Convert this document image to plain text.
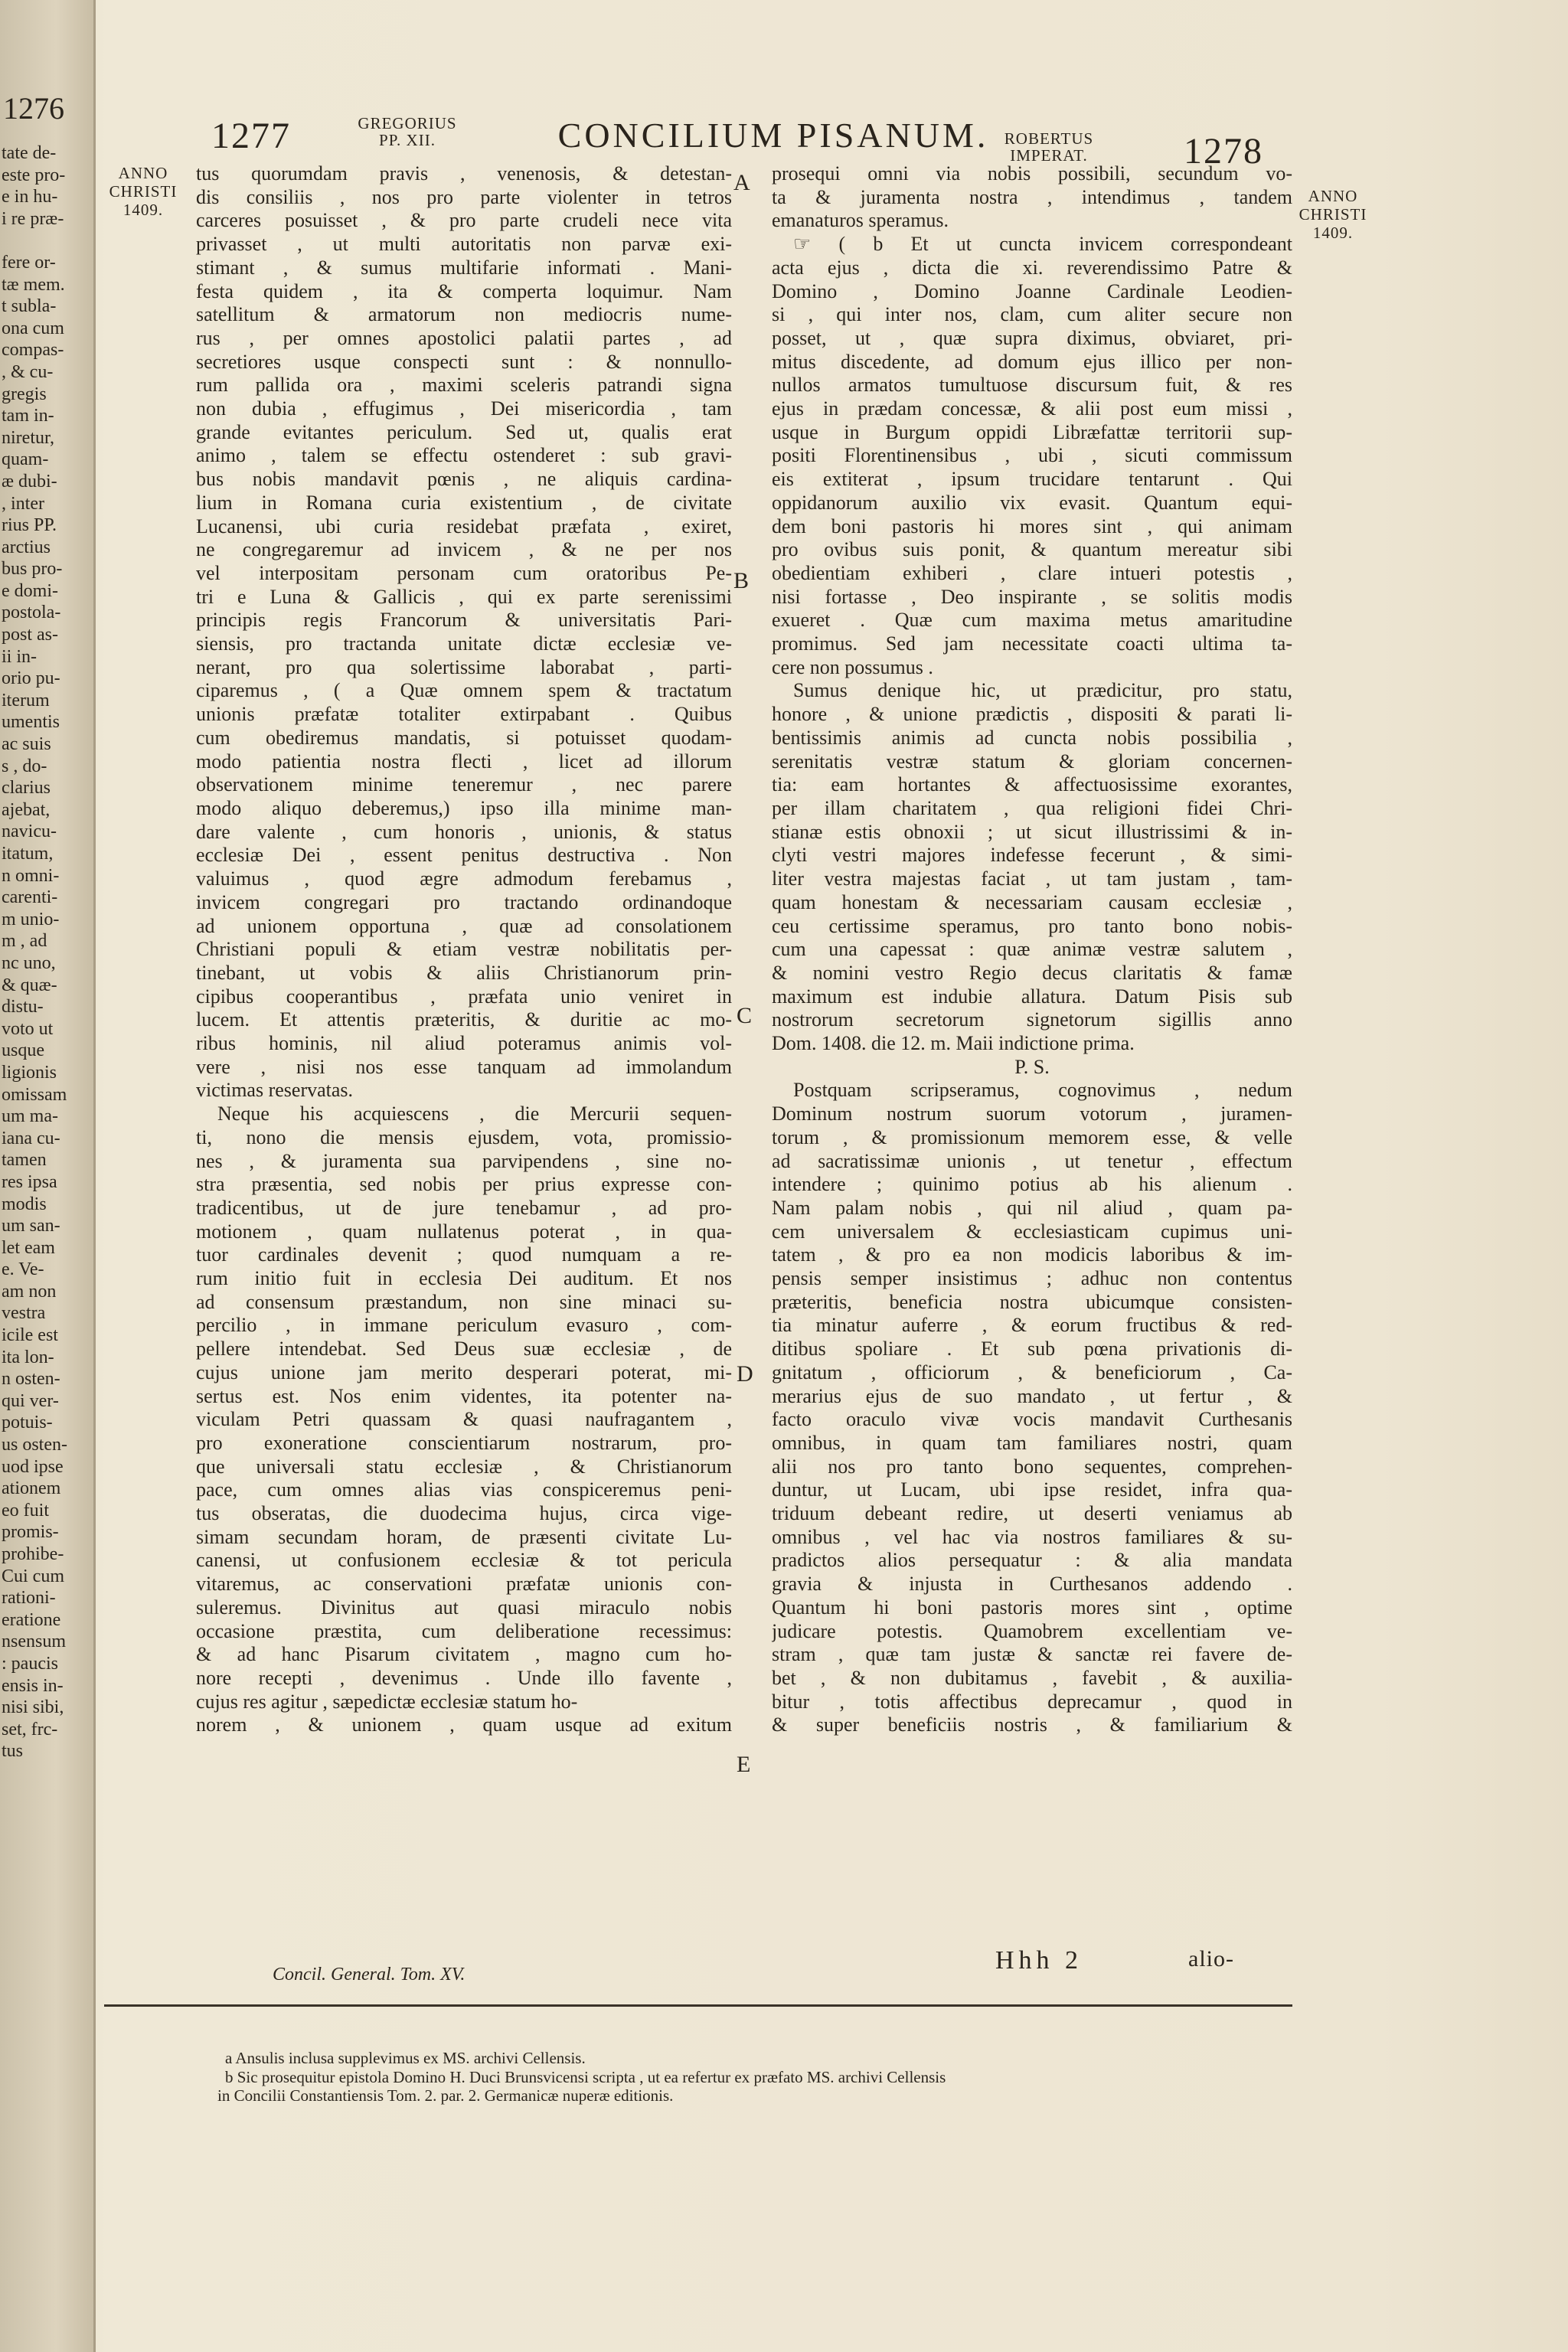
1276
tate de-
este pro-
e in hu-
i re præ-

fere or-
tæ mem.
t subla-
ona cum
compas-
, & cu-
gregis
tam in-
niretur,
quam-
æ dubi-
, inter
rius PP.
arctius
bus pro-
e domi-
postola-
post as-
ii in-
orio pu-
iterum
umentis
ac suis
s , do-
clarius
ajebat,
navicu-
itatum,
n omni-
carenti-
m unio-
m , ad
nc uno,
& quæ-
distu-
voto ut
usque
ligionis
omissam
um ma-
iana cu-
tamen
res ipsa
modis
um san-
let eam
e. Ve-
am non
vestra
icile est
ita lon-
n osten-
qui ver-
potuis-
us osten-
uod ipse
ationem
eo fuit
promis-
prohibe-
Cui cum
rationi-
eratione
nsensum
: paucis
ensis in-
nisi sibi,
set, frc-
tus
1277	GREGORIUS
PP. XII.	CONCILIUM PISANUM. ROBERTUS
IMPERAT.	1278
ANNO
CHRISTI
1409.
ANNO
CHRISTI
1409.
tus quorumdam pravis , venenosis, & detestan-
dis consiliis , nos pro parte violenter in tetros
carceres posuisset , & pro parte crudeli nece vita
privasset , ut multi autoritatis non parvæ exi-
stimant , & sumus multifarie informati . Mani-
festa quidem , ita & comperta loquimur. Nam
satellitum & armatorum non mediocris nume-
rus , per omnes apostolici palatii partes , ad
secretiores usque conspecti sunt : & nonnullo-
rum pallida ora , maximi sceleris patrandi signa
non dubia , effugimus , Dei misericordia , tam
grande evitantes periculum. Sed ut, qualis erat
animo , talem se effectu ostenderet : sub gravi-
bus nobis mandavit pœnis , ne aliquis cardina-
lium in Romana curia existentium , de civitate
Lucanensi, ubi curia residebat præfata , exiret,
ne congregaremur ad invicem , & ne per nos
vel interpositam personam cum oratoribus Pe-
tri e Luna & Gallicis , qui ex parte serenissimi
principis regis Francorum & universitatis Pari-
siensis, pro tractanda unitate dictæ ecclesiæ ve-
nerant, pro qua solertissime laborabat , parti-
ciparemus , ( a Quæ omnem spem & tractatum
unionis præfatæ totaliter extirpabant . Quibus
cum obediremus mandatis, si potuisset quodam-
modo patientia nostra flecti , licet ad illorum
observationem minime teneremur , nec parere
modo aliquo deberemus,) ipso illa minime man-
dare valente , cum honoris , unionis, & status
ecclesiæ Dei , essent penitus destructiva . Non
valuimus , quod ægre admodum ferebamus ,
invicem congregari pro tractando ordinandoque
ad unionem opportuna , quæ ad consolationem
Christiani populi & etiam vestræ nobilitatis per-
tinebant, ut vobis & aliis Christianorum prin-
cipibus cooperantibus , præfata unio veniret in
lucem. Et attentis præteritis, & duritie ac mo-
ribus hominis, nil aliud poteramus animis vol-
vere , nisi nos esse tanquam ad immolandum
victimas reservatas.
Neque his acquiescens , die Mercurii sequen-
ti, nono die mensis ejusdem, vota, promissio-
nes , & juramenta sua parvipendens , sine no-
stra præsentia, sed nobis per prius expresse con-
tradicentibus, ut de jure tenebamur , ad pro-
motionem , quam nullatenus poterat , in qua-
tuor cardinales devenit ; quod numquam a re-
rum initio fuit in ecclesia Dei auditum. Et nos
ad consensum præstandum, non sine minaci su-
percilio , in immane periculum evasuro , com-
pellere intendebat. Sed Deus suæ ecclesiæ , de
cujus unione jam merito desperari poterat, mi-
sertus est. Nos enim videntes, ita potenter na-
viculam Petri quassam & quasi naufragantem ,
pro exoneratione conscientiarum nostrarum, pro-
que universali statu ecclesiæ , & Christianorum
pace, cum omnes alias vias conspiceremus peni-
tus obseratas, die duodecima hujus, circa vige-
simam secundam horam, de præsenti civitate Lu-
canensi, ut confusionem ecclesiæ & tot pericula
vitaremus, ac conservationi præfatæ unionis con-
suleremus. Divinitus aut quasi miraculo nobis
occasione præstita, cum deliberatione recessimus:
& ad hanc Pisarum civitatem , magno cum ho-
nore recepti , devenimus . Unde illo favente ,
cujus res agitur , sæpedictæ ecclesiæ statum ho-
norem , & unionem , quam usque ad exitum
Concil. General. Tom. XV.
prosequi omni via nobis possibili, secundum vo-
ta & juramenta nostra , intendimus , tandem
emanaturos speramus.
☞ ( b Et ut cuncta invicem correspondeant
acta ejus , dicta die xi. reverendissimo Patre &
Domino , Domino Joanne Cardinale Leodien-
si , qui inter nos, clam, cum aliter secure non
posset, ut , quæ supra diximus, obviaret, pri-
mitus discedente, ad domum ejus illico per non-
nullos armatos tumultuose discursum fuit, & res
ejus in prædam concessæ, & alii post eum missi ,
usque in Burgum oppidi Libræfattæ territorii sup-
positi Florentinensibus , ubi , sicuti commissum
eis extiterat , ipsum trucidare tentarunt . Qui
oppidanorum auxilio vix evasit. Quantum equi-
dem boni pastoris hi mores sint , qui animam
pro ovibus suis ponit, & quantum mereatur sibi
obedientiam exhiberi , clare intueri potestis ,
nisi fortasse , Deo inspirante , se solitis modis
exueret . Quæ cum maxima metus amaritudine
promimus. Sed jam necessitate coacti ultima ta-
cere non possumus .
Sumus denique hic, ut prædicitur, pro statu,
honore , & unione prædictis , dispositi & parati li-
bentissimis animis ad cuncta nobis possibilia ,
serenitatis vestræ statum & gloriam concernen-
tia: eam hortantes & affectuosissime exorantes,
per illam charitatem , qua religioni fidei Chri-
stianæ estis obnoxii ; ut sicut illustrissimi & in-
clyti vestri majores indefesse fecerunt , & simi-
liter vestra majestas faciat , ut tam justam , tam-
quam honestam & necessariam causam ecclesiæ ,
ceu certissime speramus, pro tanto bono nobis-
cum una capessat : quæ animæ vestræ salutem ,
& nomini vestro Regio decus claritatis & famæ
maximum est indubie allatura. Datum Pisis sub
nostrorum secretorum signetorum sigillis anno
Dom. 1408. die 12. m. Maii indictione prima.
P. S.
Postquam scripseramus, cognovimus , nedum
Dominum nostrum suorum votorum , juramen-
torum , & promissionum memorem esse, & velle
ad sacratissimæ unionis , ut tenetur , effectum
intendere ; quinimo potius ab his alienum .
Nam palam nobis , qui nil aliud , quam pa-
cem universalem & ecclesiasticam cupimus uni-
tatem , & pro ea non modicis laboribus & im-
pensis semper insistimus ; adhuc non contentus
præteritis, beneficia nostra ubicumque consisten-
tia minatur auferre , & eorum fructibus & red-
ditibus spoliare . Et sub pœna privationis di-
gnitatum , officiorum , & beneficiorum , Ca-
merarius ejus de suo mandato , ut fertur , &
facto oraculo vivæ vocis mandavit Curthesanis
omnibus, in quam tam familiares nostri, quam
alii nos pro tanto bono sequentes, comprehen-
duntur, ut Lucam, ubi ipse residet, infra qua-
triduum debeant redire, ut deserti veniamus ab
omnibus , vel hac via nostros familiares & su-
pradictos alios persequatur : & alia mandata
gravia & injusta in Curthesanos addendo .
Quantum hi boni pastoris mores sint , optime
judicare potestis. Quamobrem excellentiam ve-
stram , quæ tam justæ & sanctæ rei favere de-
bet , & non dubitamus , favebit , & auxilia-
bitur , totis affectibus deprecamur , quod in
& super beneficiis nostris , & familiarium &
A
B
C
D
E
Hhh 2	alio-
a Ansulis inclusa supplevimus ex MS. archivi Cellensis.
b Sic prosequitur epistola Domino H. Duci Brunsvicensi scripta , ut ea refertur ex præfato MS. archivi Cellensis
in Concilii Constantiensis Tom. 2. par. 2. Germanicæ nuperæ editionis.
